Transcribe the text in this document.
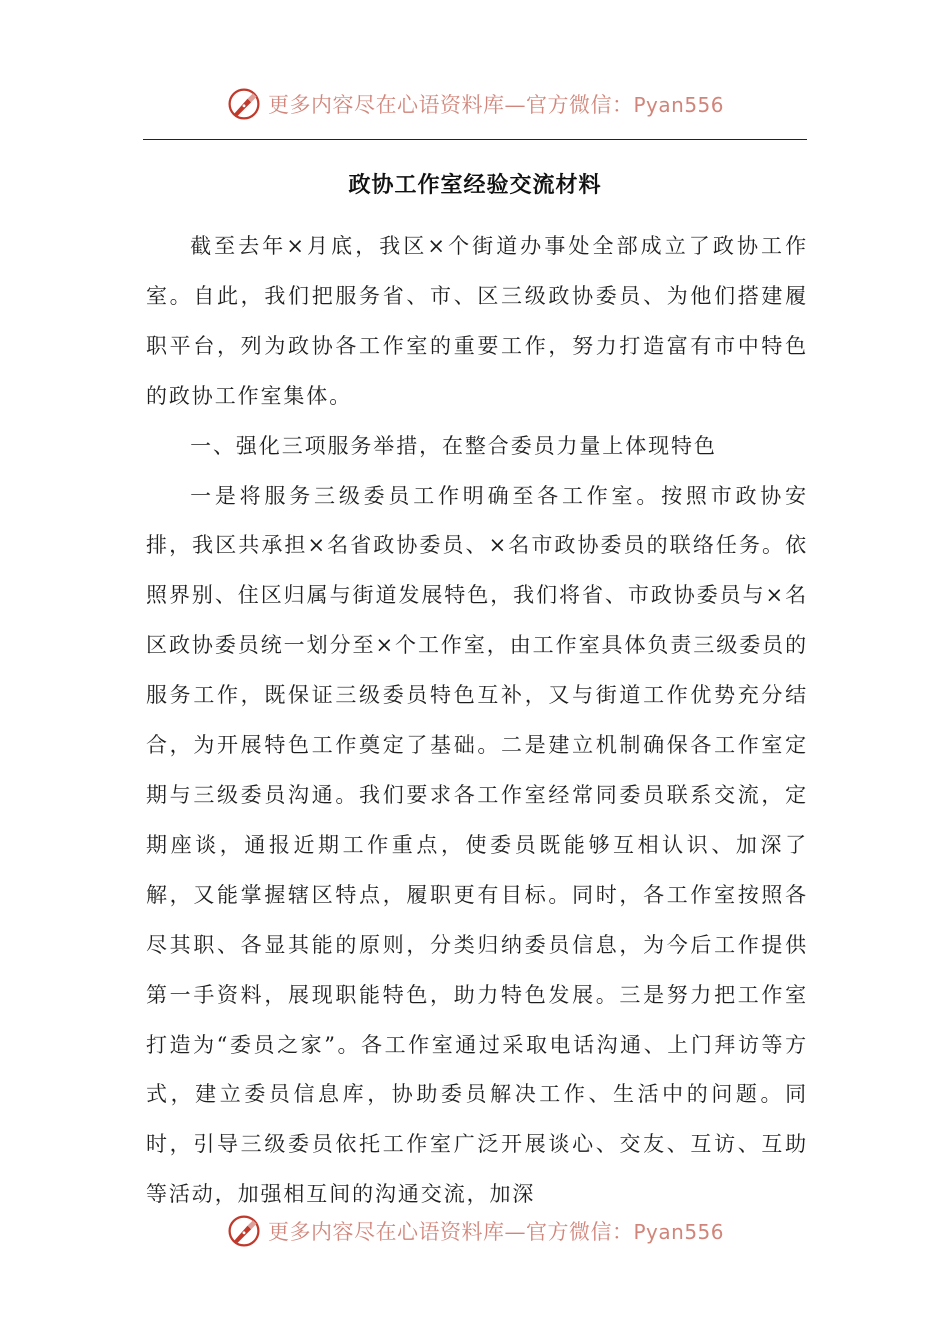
更多内容尽在心语资料库—官方微信：Pyan556
政协工作室经验交流材料

截至去年×月底，我区×个街道办事处全部成立了政协工作室。自此，我们把服务省、市、区三级政协委员、为他们搭建履职平台，列为政协各工作室的重要工作，努力打造富有市中特色的政协工作室集体。

一、强化三项服务举措，在整合委员力量上体现特色

一是将服务三级委员工作明确至各工作室。按照市政协安排，我区共承担×名省政协委员、×名市政协委员的联络任务。依照界别、住区归属与街道发展特色，我们将省、市政协委员与×名区政协委员统一划分至×个工作室，由工作室具体负责三级委员的服务工作，既保证三级委员特色互补，又与街道工作优势充分结合，为开展特色工作奠定了基础。二是建立机制确保各工作室定期与三级委员沟通。我们要求各工作室经常同委员联系交流，定期座谈，通报近期工作重点，使委员既能够互相认识、加深了解，又能掌握辖区特点，履职更有目标。同时，各工作室按照各尽其职、各显其能的原则，分类归纳委员信息，为今后工作提供第一手资料，展现职能特色，助力特色发展。三是努力把工作室打造为“委员之家”。各工作室通过采取电话沟通、上门拜访等方式，建立委员信息库，协助委员解决工作、生活中的问题。同时，引导三级委员依托工作室广泛开展谈心、交友、互访、互助等活动，加强相互间的沟通交流，加深

更多内容尽在心语资料库—官方微信：Pyan556
